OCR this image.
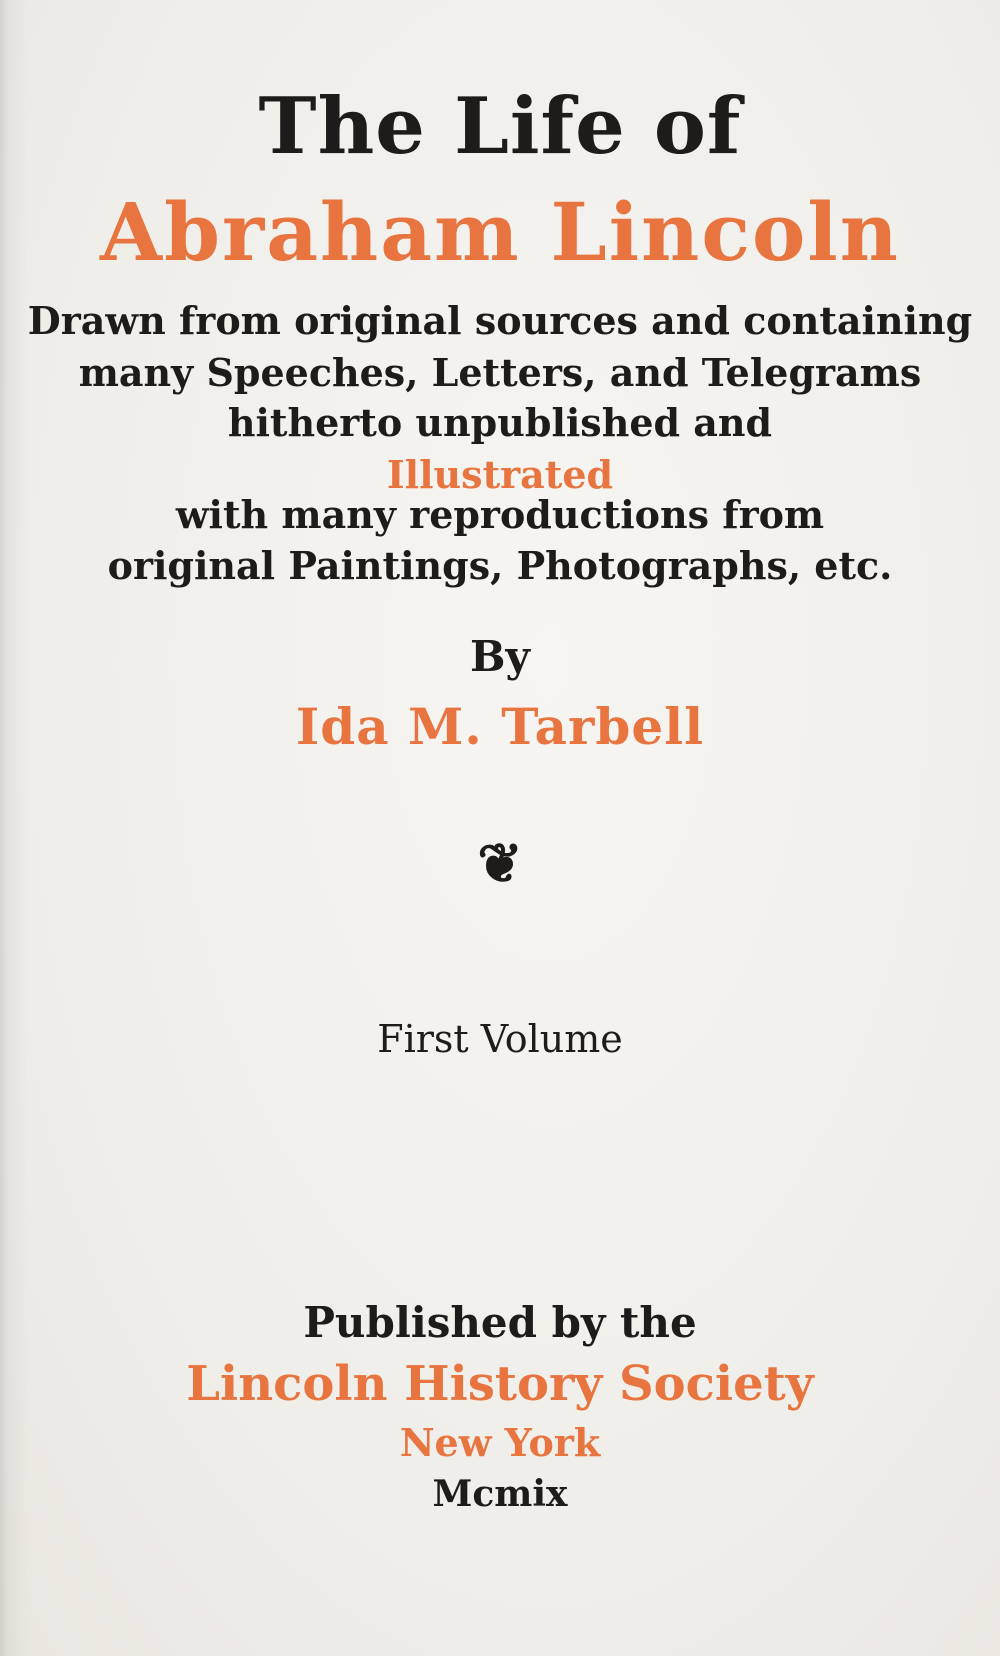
The Life of
Abraham Lincoln
Drawn from original sources and containing
many Speeches, Letters, and Telegrams
hitherto unpublished and
Illustrated
with many reproductions from
original Paintings, Photographs, etc.
By
Ida M. Tarbell
❦
First Volume
Published by the
Lincoln History Society
New York
Mcmix
